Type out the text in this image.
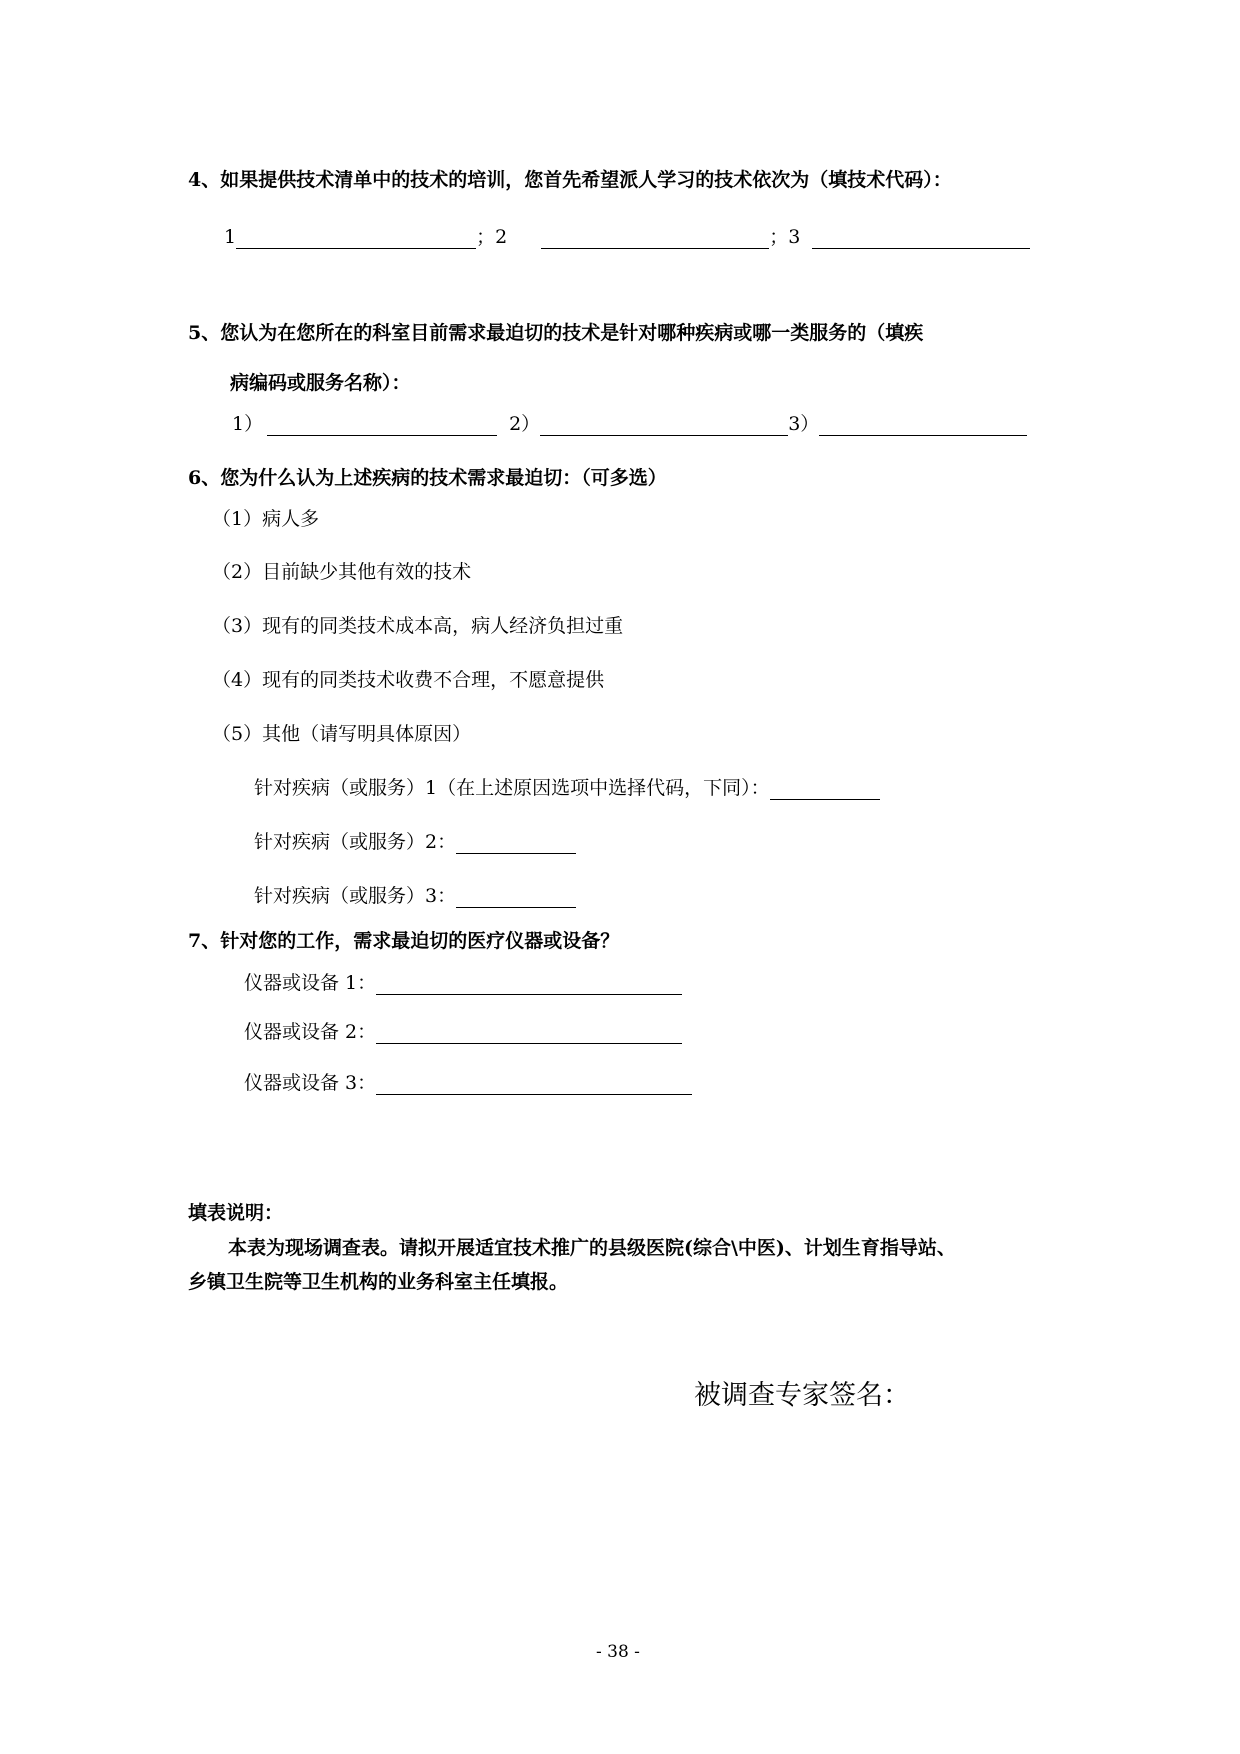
4、如果提供技术清单中的技术的培训，您首先希望派人学习的技术依次为（填技术代码）：
1	；2	；3
5、您认为在您所在的科室目前需求最迫切的技术是针对哪种疾病或哪一类服务的（填疾
病编码或服务名称）：
1）	2）	3）
6、您为什么认为上述疾病的技术需求最迫切：（可多选）
（1）病人多
（2）目前缺少其他有效的技术
（3）现有的同类技术成本高，病人经济负担过重
（4）现有的同类技术收费不合理，不愿意提供
（5）其他（请写明具体原因）
针对疾病（或服务）1（在上述原因选项中选择代码，下同）：
针对疾病（或服务）2：
针对疾病（或服务）3：
7、针对您的工作，需求最迫切的医疗仪器或设备？
仪器或设备 1：
仪器或设备 2：
仪器或设备 3：
填表说明：
本表为现场调查表。请拟开展适宜技术推广的县级医院(综合\中医)、计划生育指导站、
乡镇卫生院等卫生机构的业务科室主任填报。
被调查专家签名：
- 38 -
